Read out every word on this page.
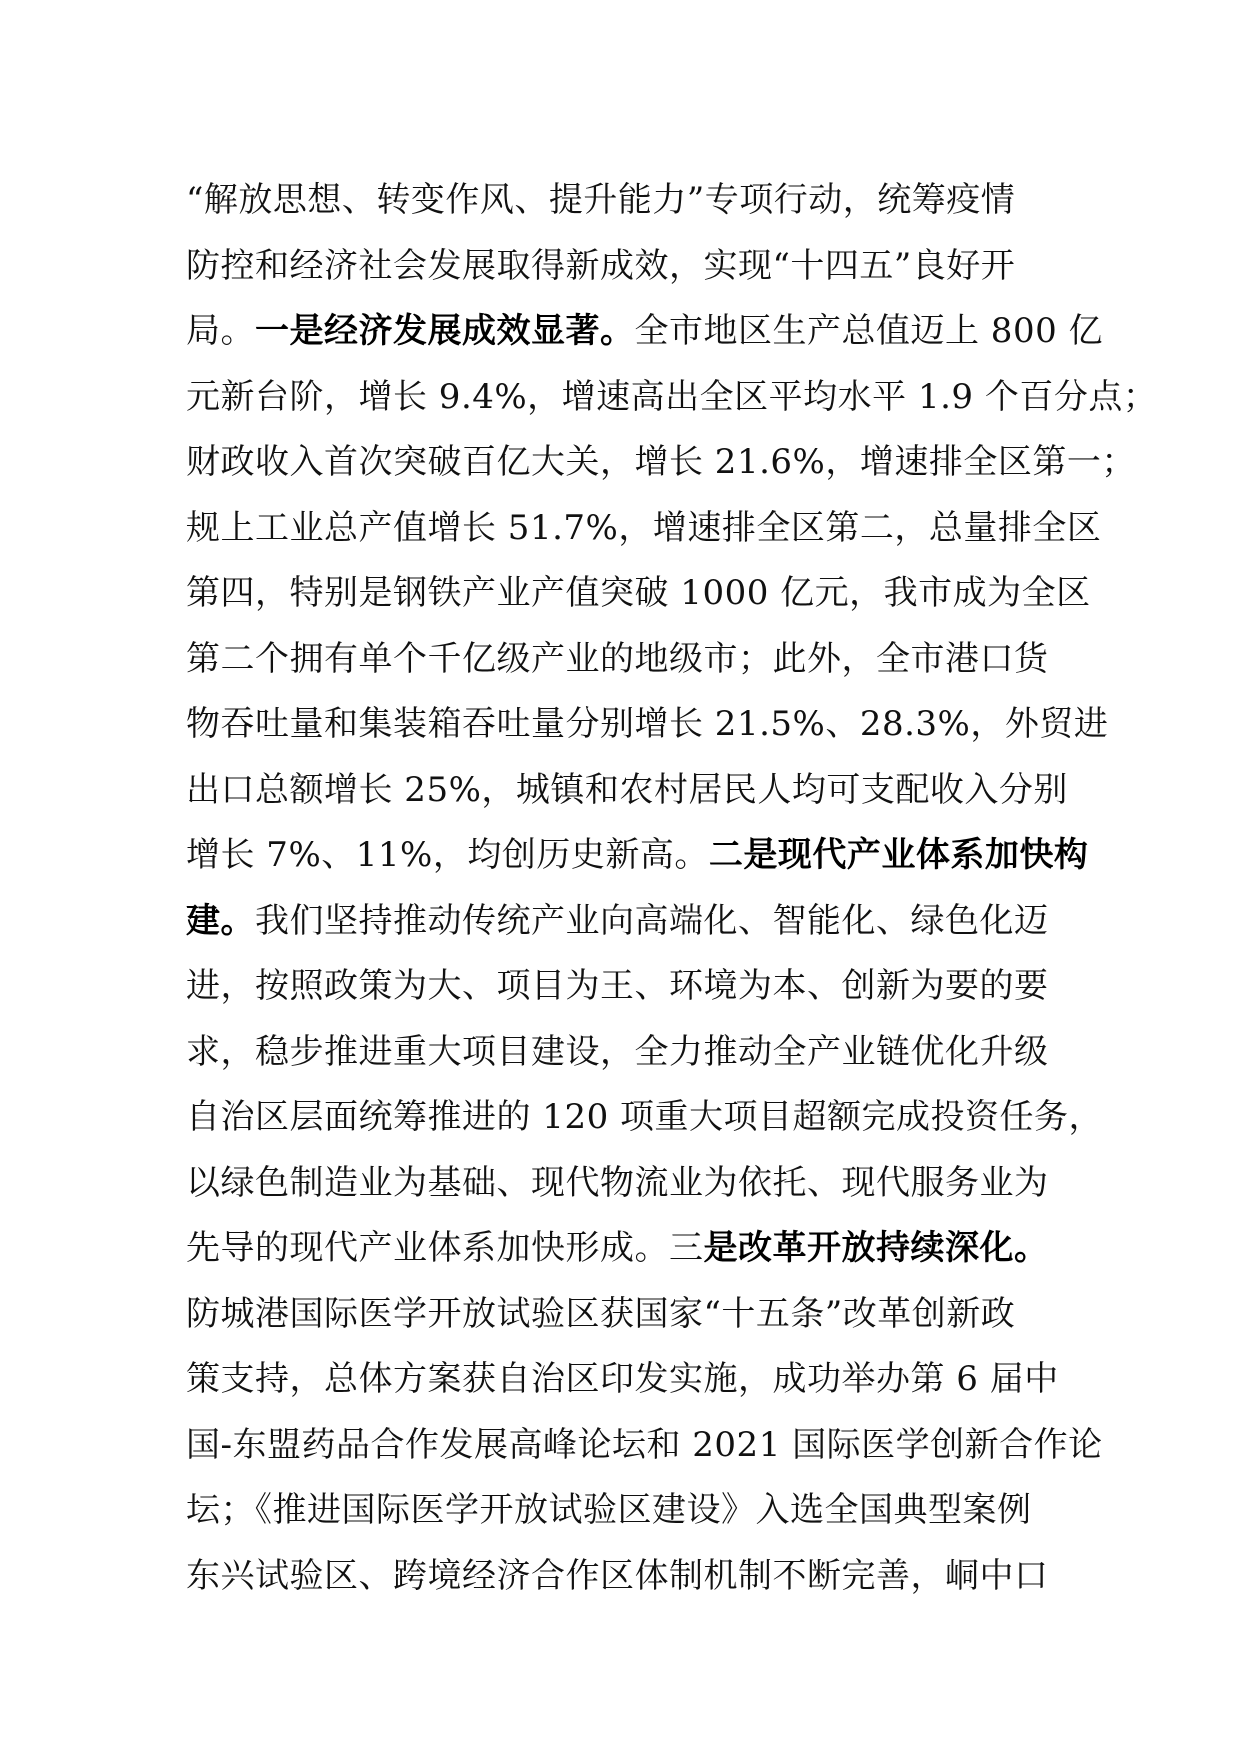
“解放思想、转变作风、提升能力”专项行动，统筹疫情
防控和经济社会发展取得新成效，实现“十四五”良好开
局。一是经济发展成效显著。全市地区生产总值迈上 800 亿
元新台阶，增长 9.4%，增速高出全区平均水平 1.9 个百分点；
财政收入首次突破百亿大关，增长 21.6%，增速排全区第一；
规上工业总产值增长 51.7%，增速排全区第二，总量排全区
第四，特别是钢铁产业产值突破 1000 亿元，我市成为全区
第二个拥有单个千亿级产业的地级市；此外，全市港口货
物吞吐量和集装箱吞吐量分别增长 21.5%、28.3%，外贸进
出口总额增长 25%，城镇和农村居民人均可支配收入分别
增长 7%、11%，均创历史新高。二是现代产业体系加快构
建。我们坚持推动传统产业向高端化、智能化、绿色化迈
进，按照政策为大、项目为王、环境为本、创新为要的要
求，稳步推进重大项目建设，全力推动全产业链优化升级
自治区层面统筹推进的 120 项重大项目超额完成投资任务，
以绿色制造业为基础、现代物流业为依托、现代服务业为
先导的现代产业体系加快形成。三是改革开放持续深化。
防城港国际医学开放试验区获国家“十五条”改革创新政
策支持，总体方案获自治区印发实施，成功举办第 6 届中
国-东盟药品合作发展高峰论坛和 2021 国际医学创新合作论
坛；《推进国际医学开放试验区建设》入选全国典型案例
东兴试验区、跨境经济合作区体制机制不断完善，峒中口
